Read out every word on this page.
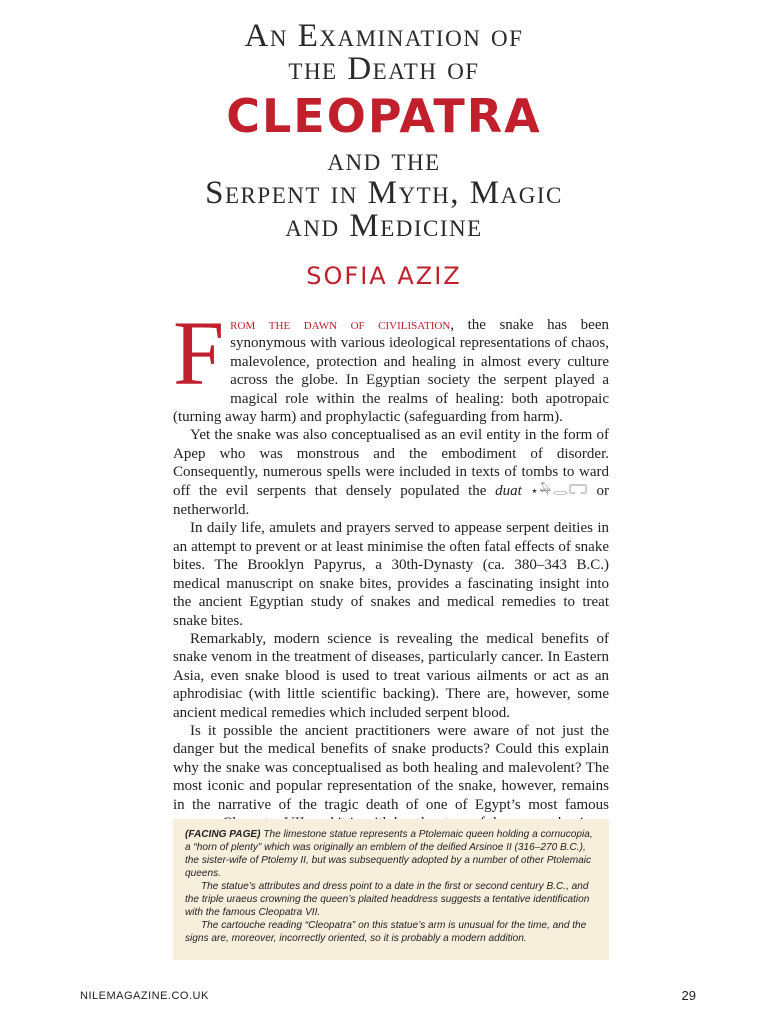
An Examination of

the Death of

CLEOPATRA

and the

Serpent in Myth, Magic

and Medicine

SOFIA AZIZ

From the dawn of civilisation, the snake has been synonymous with various ideological representations of chaos, malevolence, protection and healing in almost every culture across the globe. In Egyptian society the serpent played a magical role within the realms of healing: both apotropaic (turning away harm) and prophylactic (safeguarding from harm).

Yet the snake was also conceptualised as an evil entity in the form of Apep who was monstrous and the embodiment of disorder. Consequently, numerous spells were included in texts of tombs to ward off the evil serpents that densely populated the duat ⋆𓅆𓂋𓉐 or netherworld.

In daily life, amulets and prayers served to appease serpent deities in an attempt to prevent or at least minimise the often fatal effects of snake bites. The Brooklyn Papyrus, a 30th-Dynasty (ca. 380–343 B.C.) medical manuscript on snake bites, provides a fascinating insight into the ancient Egyptian study of snakes and medical remedies to treat snake bites.

Remarkably, modern science is revealing the medical benefits of snake venom in the treatment of diseases, particularly cancer. In Eastern Asia, even snake blood is used to treat various ailments or act as an aphrodisiac (with little scientific backing). There are, however, some ancient medical remedies which included serpent blood.

Is it possible the ancient practitioners were aware of not just the danger but the medical benefits of snake products? Could this explain why the snake was conceptualised as both healing and malevolent? The most iconic and popular representation of the snake, however, remains in the narrative of the tragic death of one of Egypt’s most famous

(FACING PAGE) The limestone statue represents a Ptolemaic queen holding a cornucopia, a “horn of plenty” which was originally an emblem of the deified Arsinoe II (316–270 B.C.), the sister-wife of Ptolemy II, but was subsequently adopted by a number of other Ptolemaic queens.

The statue’s attributes and dress point to a date in the first or second century B.C., and the triple uraeus crowning the queen’s plaited headdress suggests a tentative identification with the famous Cleopatra VII.

The cartouche reading “Cleopatra” on this statue’s arm is unusual for the time, and the signs are, moreover, incorrectly oriented, so it is probably a modern addition.

NILEMAGAZINE.CO.UK	29
